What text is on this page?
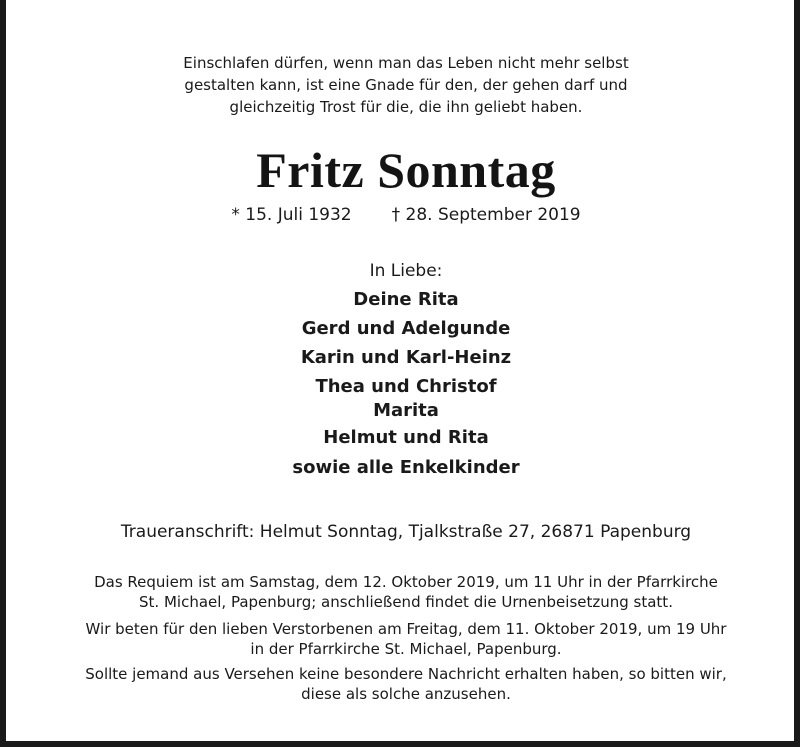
Einschlafen dürfen, wenn man das Leben nicht mehr selbst
gestalten kann, ist eine Gnade für den, der gehen darf und
gleichzeitig Trost für die, die ihn geliebt haben.
Fritz Sonntag
* 15. Juli 1932 † 28. September 2019
In Liebe:
Deine Rita
Gerd und Adelgunde
Karin und Karl-Heinz
Thea und Christof
Marita
Helmut und Rita
sowie alle Enkelkinder
Traueranschrift: Helmut Sonntag, Tjalkstraße 27, 26871 Papenburg
Das Requiem ist am Samstag, dem 12. Oktober 2019, um 11 Uhr in der Pfarrkirche
St. Michael, Papenburg; anschließend findet die Urnenbeisetzung statt.
Wir beten für den lieben Verstorbenen am Freitag, dem 11. Oktober 2019, um 19 Uhr
in der Pfarrkirche St. Michael, Papenburg.
Sollte jemand aus Versehen keine besondere Nachricht erhalten haben, so bitten wir,
diese als solche anzusehen.
